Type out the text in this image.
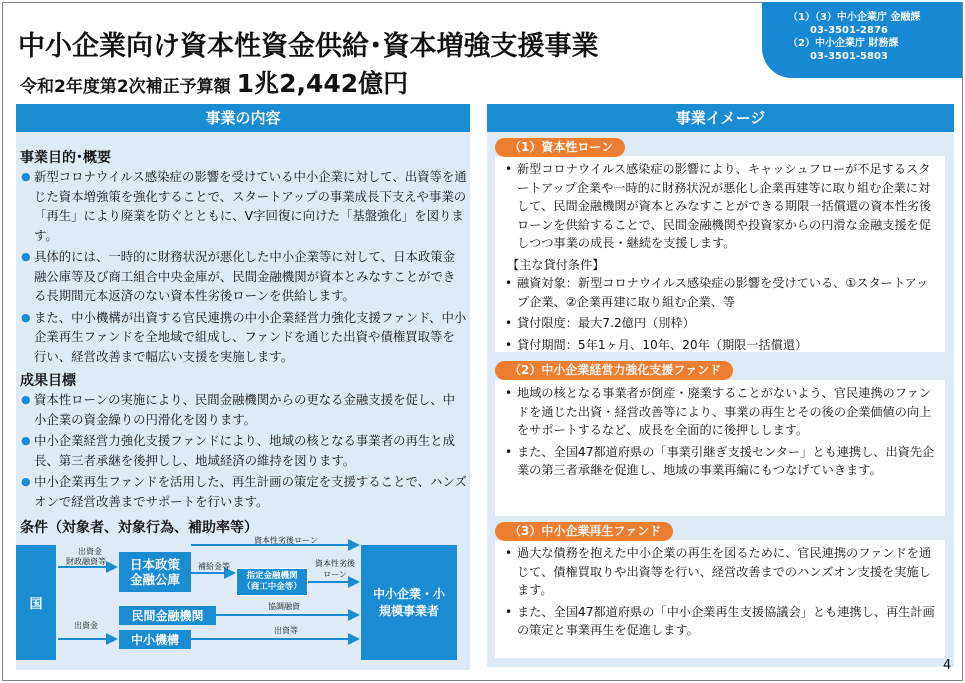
中小企業向け資本性資金供給･資本増強支援事業
令和2年度第2次補正予算額 1兆2,442億円
（1）（3）中小企業庁 金融課
03-3501-2876
（2）中小企業庁 財務課
03-3501-5803
事業の内容
事業目的･概要
● 新型コロナウイルス感染症の影響を受けている中小企業に対して、出資等を通じた資本増強策を強化することで、スタートアップの事業成長下支えや事業の「再生」により廃業を防ぐとともに、V字回復に向けた「基盤強化」を図ります。
● 具体的には、一時的に財務状況が悪化した中小企業等に対して、日本政策金融公庫等及び商工組合中央金庫が、民間金融機関が資本とみなすことができる長期間元本返済のない資本性劣後ローンを供給します。
● また、中小機構が出資する官民連携の中小企業経営力強化支援ファンド、中小企業再生ファンドを全地域で組成し、ファンドを通じた出資や債権買取等を行い、経営改善まで幅広い支援を実施します。
成果目標
● 資本性ローンの実施により、民間金融機関からの更なる金融支援を促し、中小企業の資金繰りの円滑化を図ります。
● 中小企業経営力強化支援ファンドにより、地域の核となる事業者の再生と成長、第三者承継を後押しし、地域経済の維持を図ります。
● 中小企業再生ファンドを活用した、再生計画の策定を支援することで、ハンズオンで経営改善までサポートを行います。
条件（対象者、対象行為、補助率等）
国
日本政策金融公庫	指定金融機関（商工中金等）
民間金融機関
中小機構
中小企業・小規模事業者
出資金
財政融資等
資本性劣後ローン
補給金等	資本性劣後ローン
協調融資
出資金
出資等
事業イメージ
• 新型コロナウイルス感染症の影響により、キャッシュフローが不足するスタートアップ企業や一時的に財務状況が悪化し企業再建等に取り組む企業に対して、民間金融機関が資本とみなすことができる期限一括償還の資本性劣後ローンを供給することで、民間金融機関や投資家からの円滑な金融支援を促しつつ事業の成長・継続を支援します。
【主な貸付条件】
• 融資対象：新型コロナウイルス感染症の影響を受けている、①スタートアップ企業、②企業再建に取り組む企業、等
• 貸付限度：最大7.2億円（別枠）
• 貸付期間：5年1ヶ月、10年、20年（期限一括償還）
（1）資本性ローン
• 地域の核となる事業者が倒産・廃業することがないよう、官民連携のファンドを通じた出資・経営改善等により、事業の再生とその後の企業価値の向上をサポートするなど、成長を全面的に後押しします。
• また、全国47都道府県の「事業引継ぎ支援センター」とも連携し、出資先企業の第三者承継を促進し、地域の事業再編にもつなげていきます。
（2）中小企業経営力強化支援ファンド
• 過大な債務を抱えた中小企業の再生を図るために、官民連携のファンドを通じて、債権買取りや出資等を行い、経営改善までのハンズオン支援を実施します。
• また、全国47都道府県の「中小企業再生支援協議会」とも連携し、再生計画の策定と事業再生を促進します。
（3）中小企業再生ファンド
4
